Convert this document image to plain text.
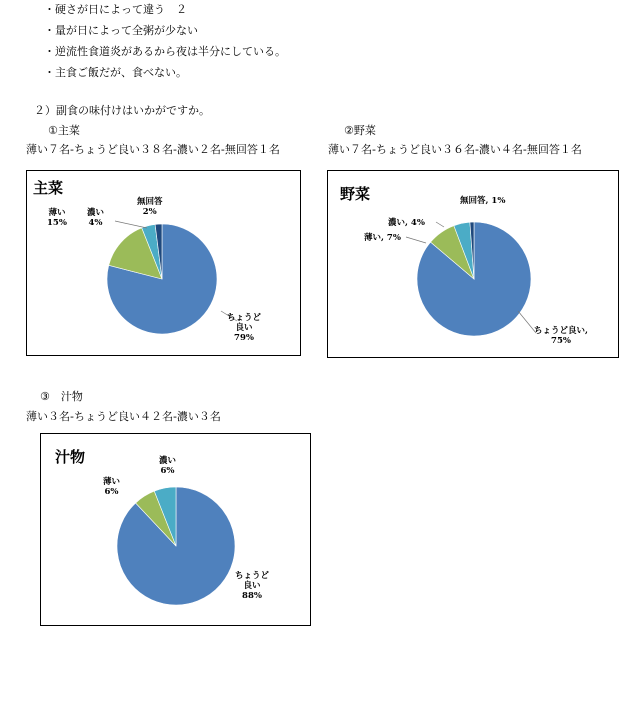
・硬さが日によって違う　２
・量が日によって全粥が少ない
・逆流性食道炎があるから夜は半分にしている。
・主食ご飯だが、食べない。
２）副食の味付けはいかがですか。
①主菜	②野菜
薄い７名-ちょうど良い３８名-濃い２名-無回答１名	薄い７名-ちょうど良い３６名-濃い４名-無回答１名
主菜
ちょうど
良い
79%
薄い
15%
濃い
4%
無回答
2%
野菜
ちょうど良い,
75%
薄い, 7%
濃い, 4%
無回答, 1%
③　汁物
薄い３名-ちょうど良い４２名-濃い３名
汁物
ちょうど
良い
88%
薄い
6%
濃い
6%
